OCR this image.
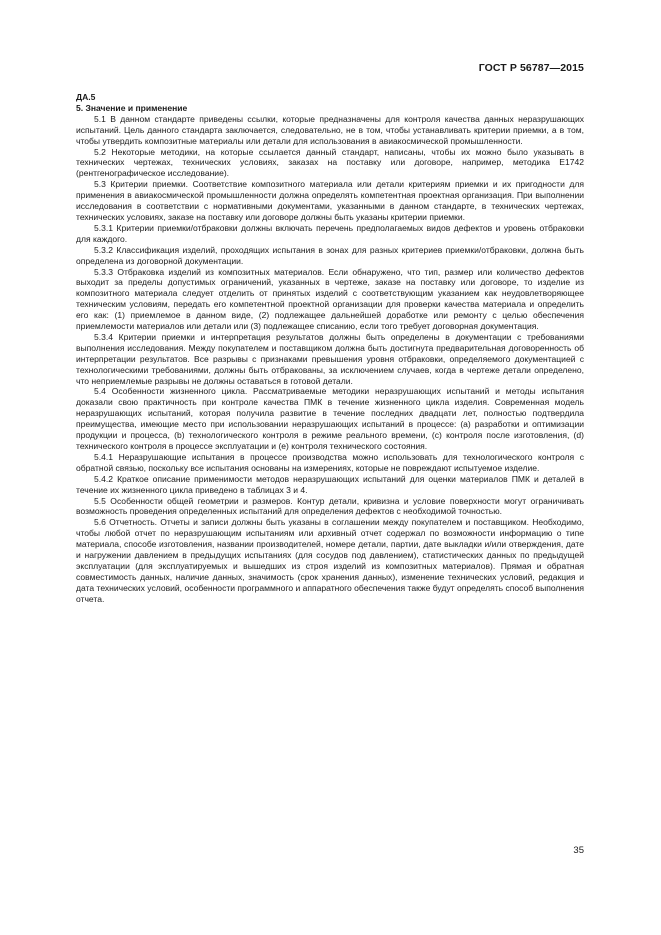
ГОСТ Р 56787—2015

ДА.5

5. Значение и применение

5.1 В данном стандарте приведены ссылки, которые предназначены для контроля качества данных неразрушающих испытаний. Цель данного стандарта заключается, следовательно, не в том, чтобы устанавливать критерии приемки, а в том, чтобы утвердить композитные материалы или детали для использования в авиакосмической промышленности.

5.2 Некоторые методики, на которые ссылается данный стандарт, написаны, чтобы их можно было указывать в технических чертежах, технических условиях, заказах на поставку или договоре, например, методика Е1742 (рентгенографическое исследование).

5.3 Критерии приемки. Соответствие композитного материала или детали критериям приемки и их пригодности для применения в авиакосмической промышленности должна определять компетентная проектная организация. При выполнении исследования в соответствии с нормативными документами, указанными в данном стандарте, в технических чертежах, технических условиях, заказе на поставку или договоре должны быть указаны критерии приемки.

5.3.1 Критерии приемки/отбраковки должны включать перечень предполагаемых видов дефектов и уровень отбраковки для каждого.

5.3.2 Классификация изделий, проходящих испытания в зонах для разных критериев приемки/отбраковки, должна быть определена из договорной документации.

5.3.3 Отбраковка изделий из композитных материалов. Если обнаружено, что тип, размер или количество дефектов выходит за пределы допустимых ограничений, указанных в чертеже, заказе на поставку или договоре, то изделие из композитного материала следует отделить от принятых изделий с соответствующим указанием как неудовлетворяющее техническим условиям, передать его компетентной проектной организации для проверки качества материала и определить его как: (1) приемлемое в данном виде, (2) подлежащее дальнейшей доработке или ремонту с целью обеспечения приемлемости материалов или детали или (3) подлежащее списанию, если того требует договорная документация.

5.3.4 Критерии приемки и интерпретация результатов должны быть определены в документации с требованиями выполнения исследования. Между покупателем и поставщиком должна быть достигнута предварительная договоренность об интерпретации результатов. Все разрывы с признаками превышения уровня отбраковки, определяемого документацией с технологическими требованиями, должны быть отбракованы, за исключением случаев, когда в чертеже детали определено, что неприемлемые разрывы не должны оставаться в готовой детали.

5.4 Особенности жизненного цикла. Рассматриваемые методики неразрушающих испытаний и методы испытания доказали свою практичность при контроле качества ПМК в течение жизненного цикла изделия. Современная модель неразрушающих испытаний, которая получила развитие в течение последних двадцати лет, полностью подтвердила преимущества, имеющие место при использовании неразрушающих испытаний в процессе: (а) разработки и оптимизации продукции и процесса, (b) технологического контроля в режиме реального времени, (с) контроля после изготовления, (d) технического контроля в процессе эксплуатации и (е) контроля технического состояния.

5.4.1 Неразрушающие испытания в процессе производства можно использовать для технологического контроля с обратной связью, поскольку все испытания основаны на измерениях, которые не повреждают испытуемое изделие.

5.4.2 Краткое описание применимости методов неразрушающих испытаний для оценки материалов ПМК и деталей в течение их жизненного цикла приведено в таблицах 3 и 4.

5.5 Особенности общей геометрии и размеров. Контур детали, кривизна и условие поверхности могут ограничивать возможность проведения определенных испытаний для определения дефектов с необходимой точностью.

5.6 Отчетность. Отчеты и записи должны быть указаны в соглашении между покупателем и поставщиком. Необходимо, чтобы любой отчет по неразрушающим испытаниям или архивный отчет содержал по возможности информацию о типе материала, способе изготовления, названии производителей, номере детали, партии, дате выкладки и/или отверждения, дате и нагружении давлением в предыдущих испытаниях (для сосудов под давлением), статистических данных по предыдущей эксплуатации (для эксплуатируемых и вышедших из строя изделий из композитных материалов). Прямая и обратная совместимость данных, наличие данных, значимость (срок хранения данных), изменение технических условий, редакция и дата технических условий, особенности программного и аппаратного обеспечения также будут определять способ выполнения отчета.

35
